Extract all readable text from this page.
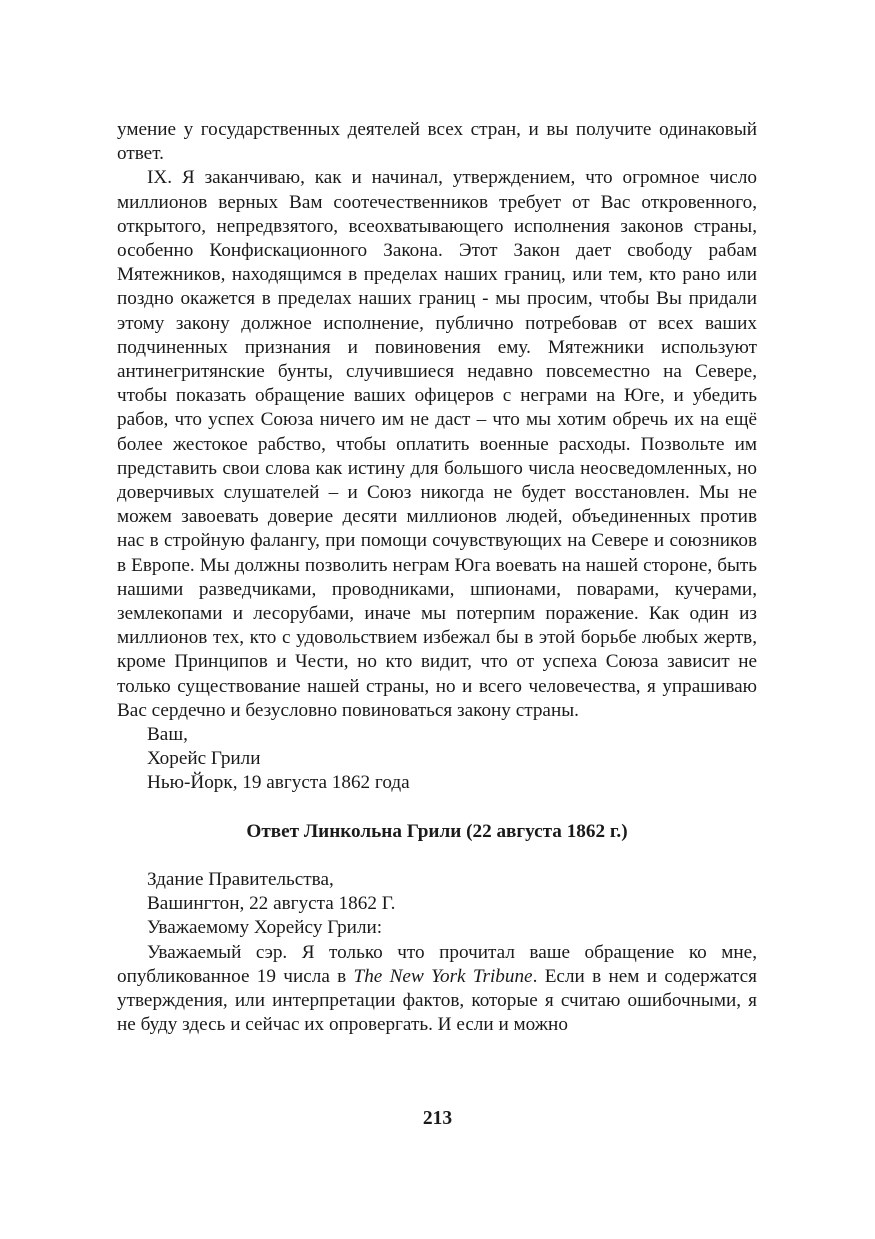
умение у государственных деятелей всех стран, и вы получите одинаковый ответ.

IX. Я заканчиваю, как и начинал, утверждением, что огромное число миллионов верных Вам соотечественников требует от Вас откровенного, открытого, непредвзятого, всеохватывающего исполнения законов страны, особенно Конфискационного Закона. Этот Закон дает свободу рабам Мятежников, находящимся в пределах наших границ, или тем, кто рано или поздно окажется в пределах наших границ - мы просим, чтобы Вы придали этому закону должное исполнение, публично потребовав от всех ваших подчиненных признания и повиновения ему. Мятежники используют антинегритянские бунты, случившиеся недавно повсеместно на Севере, чтобы показать обращение ваших офицеров с неграми на Юге, и убедить рабов, что успех Союза ничего им не даст – что мы хотим обречь их на ещё более жестокое рабство, чтобы оплатить военные расходы. Позвольте им представить свои слова как истину для большого числа неосведомленных, но доверчивых слушателей – и Союз никогда не будет восстановлен. Мы не можем завоевать доверие десяти миллионов людей, объединенных против нас в стройную фалангу, при помощи сочувствующих на Севере и союзников в Европе. Мы должны позволить неграм Юга воевать на нашей стороне, быть нашими разведчиками, проводниками, шпионами, поварами, кучерами, землекопами и лесорубами, иначе мы потерпим поражение. Как один из миллионов тех, кто с удовольствием избежал бы в этой борьбе любых жертв, кроме Принципов и Чести, но кто видит, что от успеха Союза зависит не только существование нашей страны, но и всего человечества, я упрашиваю Вас сердечно и безусловно повиноваться закону страны.

Ваш,

Хорейс Грили

Нью-Йорк, 19 августа 1862 года

Ответ Линкольна Грили (22 августа 1862 г.)

Здание Правительства,

Вашингтон, 22 августа 1862 Г.

Уважаемому Хорейсу Грили:

Уважаемый сэр. Я только что прочитал ваше обращение ко мне, опубликованное 19 числа в The New York Tribune. Если в нем и содержатся утверждения, или интерпретации фактов, которые я считаю ошибочными, я не буду здесь и сейчас их опровергать. И если и можно

213
